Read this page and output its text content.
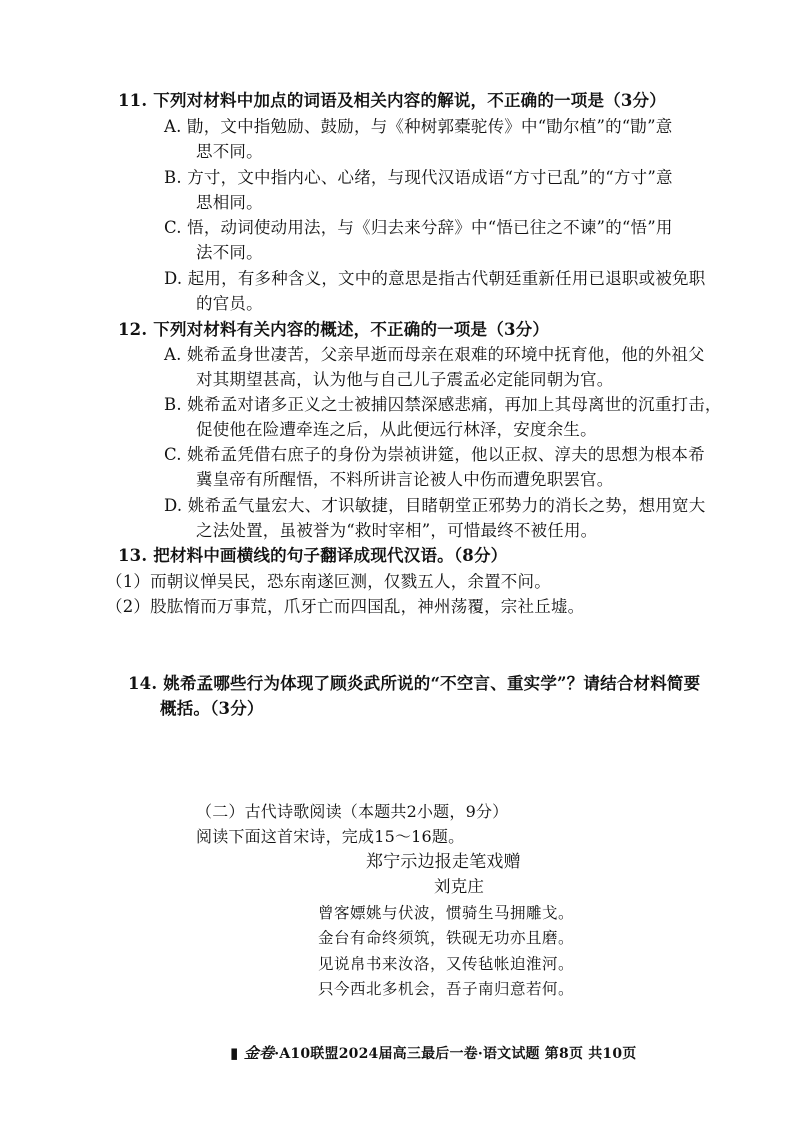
11. 下列对材料中加点的词语及相关内容的解说，不正确的一项是（3分）
A. 勖，文中指勉励、鼓励，与《种树郭橐驼传》中“勖尔植”的“勖”意
思不同。
B. 方寸，文中指内心、心绪，与现代汉语成语“方寸已乱”的“方寸”意
思相同。
C. 悟，动词使动用法，与《归去来兮辞》中“悟已往之不谏”的“悟”用
法不同。
D. 起用，有多种含义，文中的意思是指古代朝廷重新任用已退职或被免职
的官员。
12. 下列对材料有关内容的概述，不正确的一项是（3分）
A. 姚希孟身世凄苦，父亲早逝而母亲在艰难的环境中抚育他，他的外祖父
对其期望甚高，认为他与自己儿子震孟必定能同朝为官。
B. 姚希孟对诸多正义之士被捕囚禁深感悲痛，再加上其母离世的沉重打击，
促使他在险遭牵连之后，从此便远行林泽，安度余生。
C. 姚希孟凭借右庶子的身份为崇祯讲筵，他以正叔、淳夫的思想为根本希
冀皇帝有所醒悟，不料所讲言论被人中伤而遭免职罢官。
D. 姚希孟气量宏大、才识敏捷，目睹朝堂正邪势力的消长之势，想用宽大
之法处置，虽被誉为“救时宰相”，可惜最终不被任用。
13. 把材料中画横线的句子翻译成现代汉语。（8分）
（1）而朝议惮吴民，恐东南遂叵测，仅戮五人，余置不问。
（2）股肱惰而万事荒，爪牙亡而四国乱，神州荡覆，宗社丘墟。
14. 姚希孟哪些行为体现了顾炎武所说的“不空言、重实学”？请结合材料简要
概括。（3分）
（二）古代诗歌阅读（本题共2小题，9分）
阅读下面这首宋诗，完成15～16题。
郑宁示边报走笔戏赠
刘克庄
曾客嫖姚与伏波，惯骑生马拥雕戈。
金台有命终须筑，铁砚无功亦且磨。
见说帛书来汝洛，又传毡帐迫淮河。
只今西北多机会，吾子南归意若何。
▮ 金卷·A10联盟2024届高三最后一卷·语文试题 第8页 共10页
